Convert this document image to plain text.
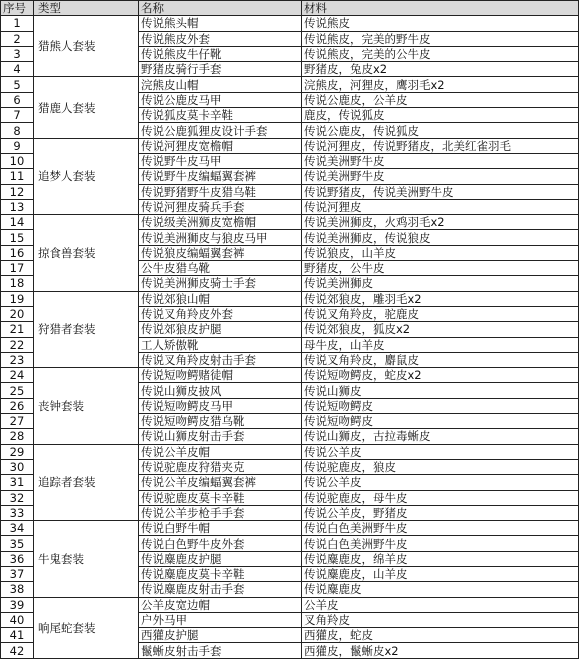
序号	类型	名称	材料
1	猎熊人套装	传说熊头帽	传说熊皮
2		传说熊皮外套	传说熊皮，完美的野牛皮
3		传说熊皮牛仔靴	传说熊皮，完美的公牛皮
4		野猪皮骑行手套	野猪皮，兔皮x2
5	猎鹿人套装	浣熊皮山帽	浣熊皮，河狸皮，鹰羽毛x2
6		传说公鹿皮马甲	传说公鹿皮，公羊皮
7		传说狐皮莫卡辛鞋	鹿皮，传说狐皮
8		传说公鹿狐狸皮设计手套	传说公鹿皮，传说狐皮
9	追梦人套装	传说河狸皮宽檐帽	传说河狸皮，传说野猪皮，北美红雀羽毛
10		传说野牛皮马甲	传说美洲野牛皮
11		传说野牛皮编蝠翼套裤	传说美洲野牛皮
12		传说野猪野牛皮猎乌鞋	传说野猪皮，传说美洲野牛皮
13		传说河狸皮骑兵手套	传说河狸皮
14	掠食兽套装	传说级美洲狮皮宽檐帽	传说美洲狮皮，火鸡羽毛x2
15		传说美洲狮皮与狼皮马甲	传说美洲狮皮，传说狼皮
16		传说狼皮编蝠翼套裤	传说狼皮，山羊皮
17		公牛皮猎乌靴	野猪皮，公牛皮
18		传说美洲狮皮骑士手套	传说美洲狮皮
19	狩猎者套装	传说郊狼山帽	传说郊狼皮，雕羽毛x2
20		传说叉角羚皮外套	传说叉角羚皮，驼鹿皮
21		传说郊狼皮护腿	传说郊狼皮，狐皮x2
22		工人矫傲靴	母牛皮，山羊皮
23		传说叉角羚皮射击手套	传说叉角羚皮，麝鼠皮
24	丧钟套装	传说短吻鳄赌徒帽	传说短吻鳄皮，蛇皮x2
25		传说山狮皮披风	传说山狮皮
26		传说短吻鳄皮马甲	传说短吻鳄皮
27		传说短吻鳄皮猎乌靴	传说短吻鳄皮
28		传说山狮皮射击手套	传说山狮皮，古拉毒蜥皮
29	追踪者套装	传说公羊皮帽	传说公羊皮
30		传说驼鹿皮狩猎夹克	传说驼鹿皮，狼皮
31		传说公羊皮编蝠翼套裤	传说公羊皮
32		传说驼鹿皮莫卡辛鞋	传说驼鹿皮，母牛皮
33		传说公羊步枪手手套	传说公羊皮，野猪皮
34	牛鬼套装	传说白野牛帽	传说白色美洲野牛皮
35		传说白色野牛皮外套	传说白色美洲野牛皮
36		传说麋鹿皮护腿	传说麋鹿皮，绵羊皮
37		传说麋鹿皮莫卡辛鞋	传说麋鹿皮，山羊皮
38		传说麋鹿皮射击手套	传说麋鹿皮
39	响尾蛇套装	公羊皮宽边帽	公羊皮
40		户外马甲	叉角羚皮
41		西獾皮护腿	西獾皮，蛇皮
42		鬣蜥皮射击手套	西獾皮，鬣蜥皮x2
